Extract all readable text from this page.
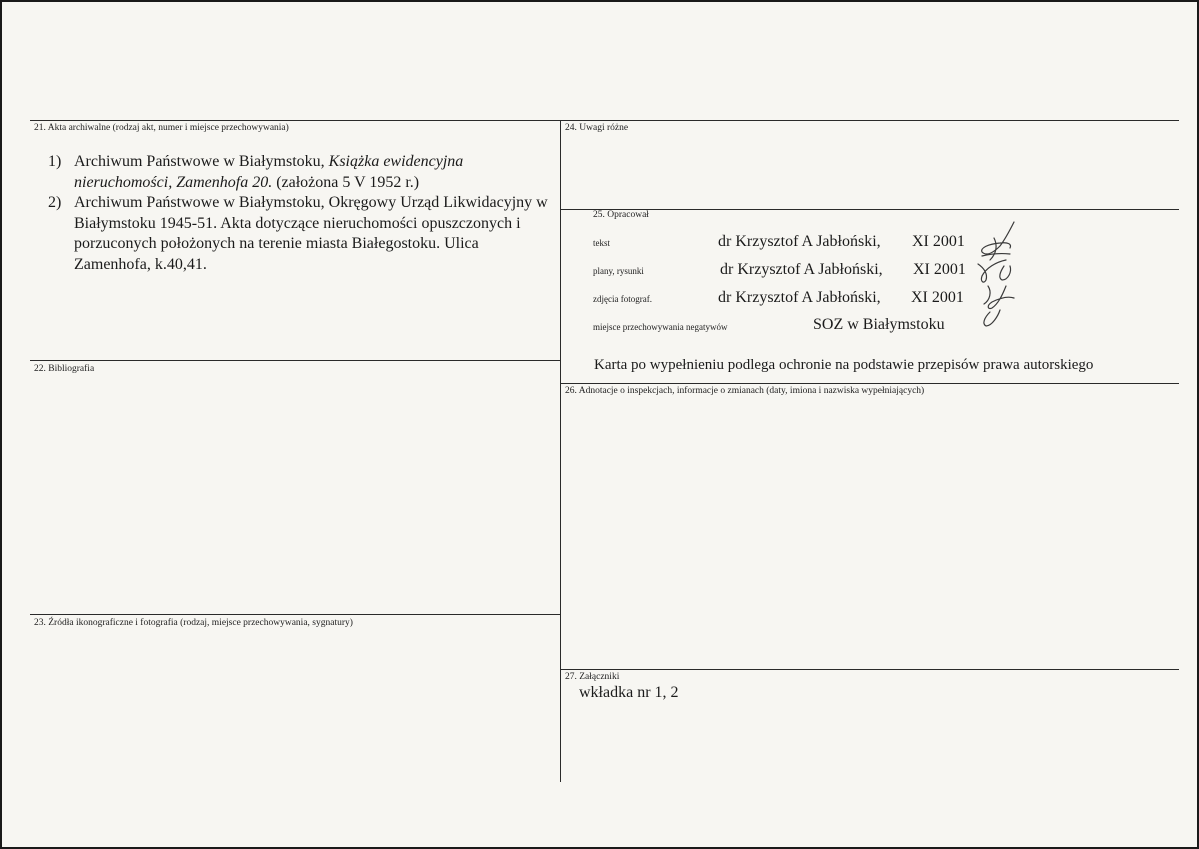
21. Akta archiwalne (rodzaj akt, numer i miejsce przechowywania)
1) Archiwum Państwowe w Białymstoku, Książka ewidencyjna nieruchomości, Zamenhofa 20. (założona 5 V 1952 r.)
2) Archiwum Państwowe w Białymstoku, Okręgowy Urząd Likwidacyjny w Białymstoku 1945-51. Akta dotyczące nieruchomości opuszczonych i porzuconych położonych na terenie miasta Białegostoku. Ulica Zamenhofa, k.40,41.
22. Bibliografia
23. Źródła ikonograficzne i fotografia (rodzaj, miejsce przechowywania, sygnatury)
24. Uwagi różne
25. Opracował
tekst	dr Krzysztof A Jabłoński, XI 2001
plany, rysunki	dr Krzysztof A Jabłoński, XI 2001
zdjęcia fotograf.	dr Krzysztof A Jabłoński, XI 2001
miejsce przechowywania negatywów	SOZ w Białymstoku
Karta po wypełnieniu podlega ochronie na podstawie przepisów prawa autorskiego
26. Adnotacje o inspekcjach, informacje o zmianach (daty, imiona i nazwiska wypełniających)
27. Załączniki
wkładka nr 1, 2
